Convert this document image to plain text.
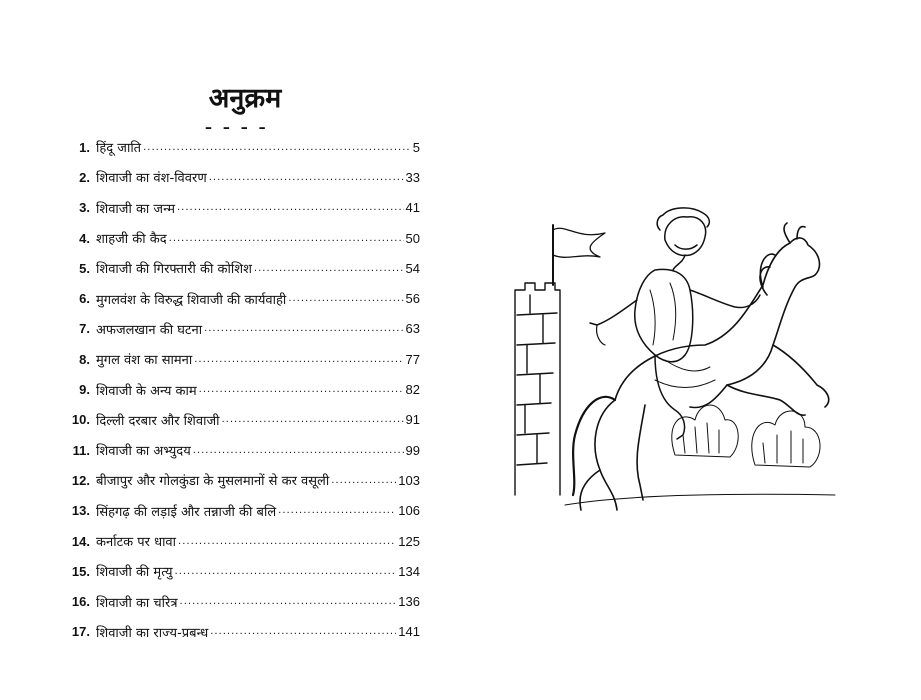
अनुक्रम
– – – –
1. हिंदू जाति .....	5
2. शिवाजी का वंश-विवरण .....	33
3. शिवाजी का जन्म .....	41
4. शाहजी की कैद .....	50
5. शिवाजी की गिरफ्तारी की कोशिश .....	54
6. मुगलवंश के विरुद्ध शिवाजी की कार्यवाही .....	56
7. अफजलखान की घटना .....	63
8. मुगल वंश का सामना .....	77
9. शिवाजी के अन्य काम .....	82
10. दिल्ली दरबार और शिवाजी .....	91
11. शिवाजी का अभ्युदय .....	99
12. बीजापुर और गोलकुंडा के मुसलमानों से कर वसूली .....	103
13. सिंहगढ़ की लड़ाई और तन्नाजी की बलि .....	106
14. कर्नाटक पर धावा .....	125
15. शिवाजी की मृत्यु .....	134
16. शिवाजी का चरित्र .....	136
17. शिवाजी का राज्य-प्रबन्ध .....	141
